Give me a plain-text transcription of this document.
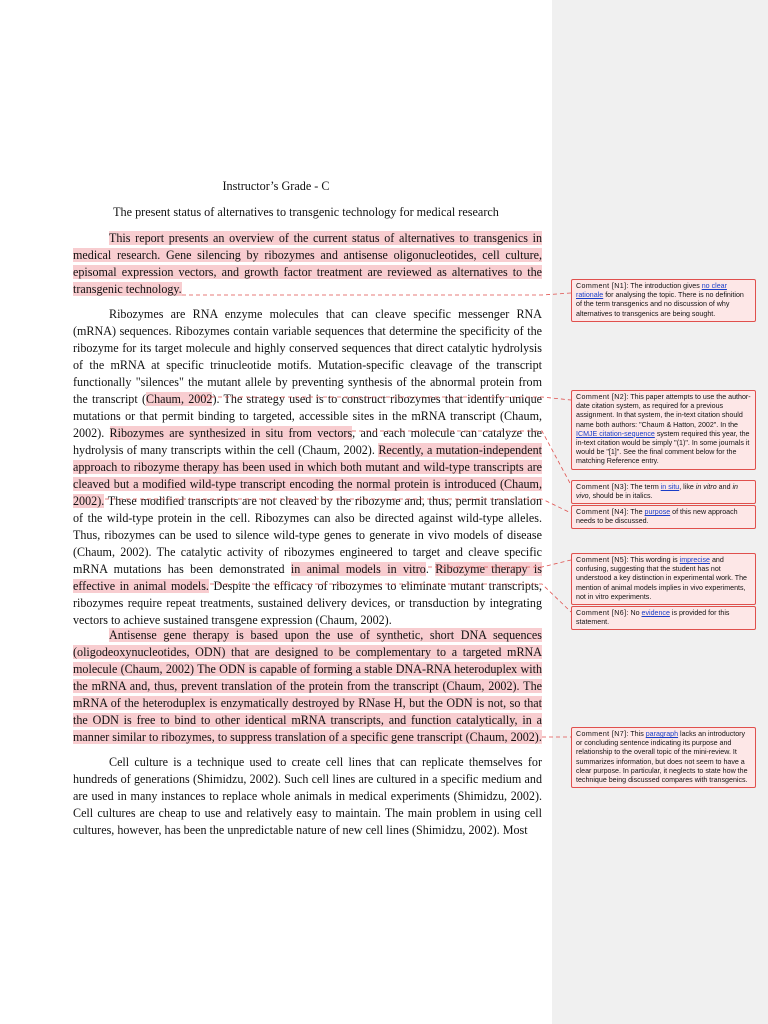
Instructor’s Grade - C
The present status of alternatives to transgenic technology for medical research

This report presents an overview of the current status of alternatives to transgenics in medical research. Gene silencing by ribozymes and antisense oligonucleotides, cell culture, episomal expression vectors, and growth factor treatment are reviewed as alternatives to the transgenic technology.

Ribozymes are RNA enzyme molecules that can cleave specific messenger RNA (mRNA) sequences. Ribozymes contain variable sequences that determine the specificity of the ribozyme for its target molecule and highly conserved sequences that direct catalytic hydrolysis of the mRNA at specific trinucleotide motifs. Mutation-specific cleavage of the transcript functionally "silences" the mutant allele by preventing synthesis of the abnormal protein from the transcript (Chaum, 2002). The strategy used is to construct ribozymes that identify unique mutations or that permit binding to targeted, accessible sites in the mRNA transcript (Chaum, 2002). Ribozymes are synthesized in situ from vectors, and each molecule can catalyze the hydrolysis of many transcripts within the cell (Chaum, 2002). Recently, a mutation-independent approach to ribozyme therapy has been used in which both mutant and wild-type transcripts are cleaved but a modified wild-type transcript encoding the normal protein is introduced (Chaum, 2002). These modified transcripts are not cleaved by the ribozyme and, thus, permit translation of the wild-type protein in the cell. Ribozymes can also be directed against wild-type alleles. Thus, ribozymes can be used to silence wild-type genes to generate in vivo models of disease (Chaum, 2002). The catalytic activity of ribozymes engineered to target and cleave specific mRNA mutations has been demonstrated in animal models in vitro. Ribozyme therapy is effective in animal models. Despite the efficacy of ribozymes to eliminate mutant transcripts, ribozymes require repeat treatments, sustained delivery devices, or transduction by integrating vectors to achieve sustained transgene expression (Chaum, 2002).

Antisense gene therapy is based upon the use of synthetic, short DNA sequences (oligodeoxynucleotides, ODN) that are designed to be complementary to a targeted mRNA molecule (Chaum, 2002) The ODN is capable of forming a stable DNA-RNA heteroduplex with the mRNA and, thus, prevent translation of the protein from the transcript (Chaum, 2002). The mRNA of the heteroduplex is enzymatically destroyed by RNase H, but the ODN is not, so that the ODN is free to bind to other identical mRNA transcripts, and function catalytically, in a manner similar to ribozymes, to suppress translation of a specific gene transcript (Chaum, 2002).

Cell culture is a technique used to create cell lines that can replicate themselves for hundreds of generations (Shimidzu, 2002). Such cell lines are cultured in a specific medium and are used in many instances to replace whole animals in medical experiments (Shimidzu, 2002). Cell cultures are cheap to use and relatively easy to maintain. The main problem in using cell cultures, however, has been the unpredictable nature of new cell lines (Shimidzu, 2002). Most

Comment [N1]: The introduction gives no clear rationale for analysing the topic. There is no definition of the term transgenics and no discussion of why alternatives to transgenics are being sought.
Comment [N2]: This paper attempts to use the author-date citation system, as required for a previous assignment. In that system, the in-text citation should name both authors: "Chaum & Hatton, 2002". In the ICMJE citation-sequence system required this year, the in-text citation would be simply "(1)". In some journals it would be "[1]". See the final comment below for the matching Reference entry.
Comment [N3]: The term in situ, like in vitro and in vivo, should be in italics.
Comment [N4]: The purpose of this new approach needs to be discussed.
Comment [N5]: This wording is imprecise and confusing, suggesting that the student has not understood a key distinction in experimental work. The mention of animal models implies in vivo experiments, not in vitro experiments.
Comment [N6]: No evidence is provided for this statement.
Comment [N7]: This paragraph lacks an introductory or concluding sentence indicating its purpose and relationship to the overall topic of the mini-review. It summarizes information, but does not seem to have a clear purpose. In particular, it neglects to state how the technique being discussed compares with transgenics.
